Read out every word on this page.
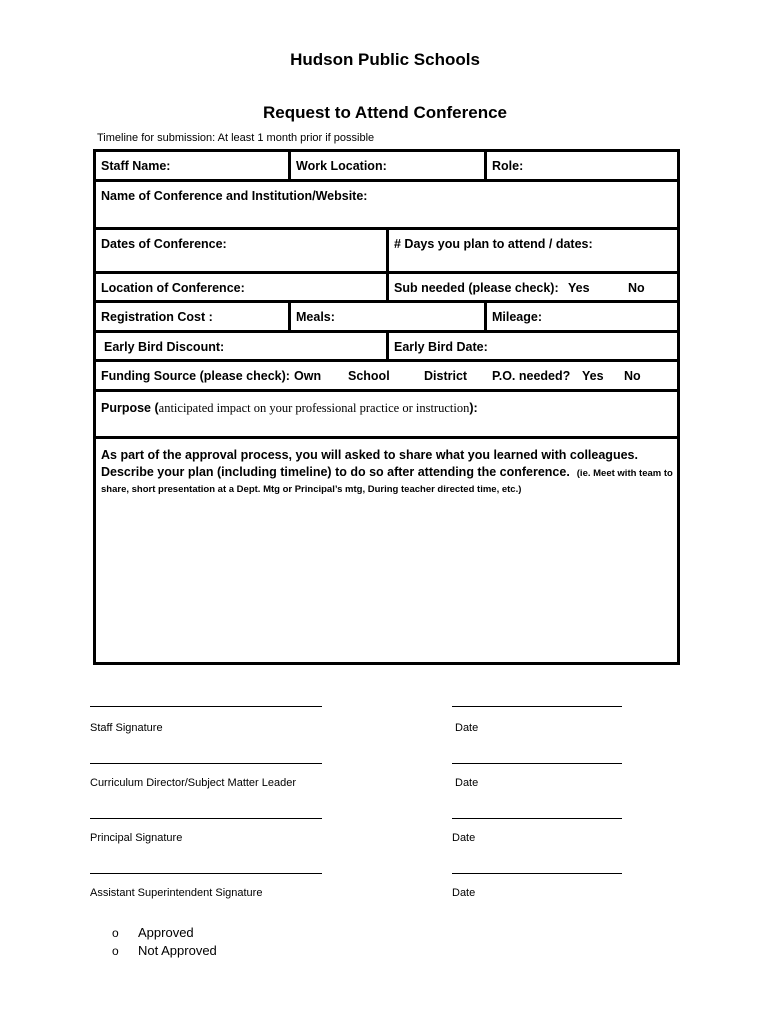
Hudson Public Schools
Request to Attend Conference
Timeline for submission: At least 1 month prior if possible
Staff Name:	Work Location:	Role:
Name of Conference and Institution/Website:
Dates of Conference:	# Days you plan to attend / dates:
Location of Conference:	Sub needed (please check): Yes	No
Registration Cost :	Meals:	Mileage:
Early Bird Discount:	Early Bird Date:
Funding Source (please check): Own School	District P.O. needed? Yes No
Purpose (anticipated impact on your professional practice or instruction):
As part of the approval process, you will asked to share what you learned with colleagues.
Describe your plan (including timeline) to do so after attending the conference. (ie. Meet with team to
share, short presentation at a Dept. Mtg or Principal’s mtg, During teacher directed time, etc.)
Staff Signature	Date
Curriculum Director/Subject Matter Leader	Date
Principal Signature	Date
Assistant Superintendent Signature	Date
o Approved
o Not Approved
